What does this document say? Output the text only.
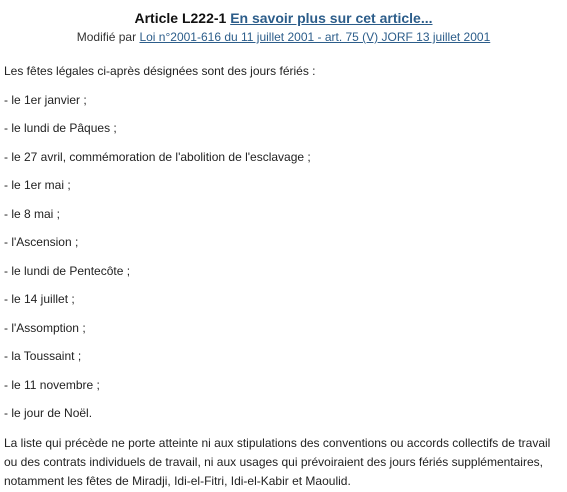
Article L222-1 En savoir plus sur cet article...
Modifié par Loi n°2001-616 du 11 juillet 2001 - art. 75 (V) JORF 13 juillet 2001

Les fêtes légales ci-après désignées sont des jours fériés :

- le 1er janvier ;

- le lundi de Pâques ;

- le 27 avril, commémoration de l'abolition de l'esclavage ;

- le 1er mai ;

- le 8 mai ;

- l'Ascension ;

- le lundi de Pentecôte ;

- le 14 juillet ;

- l'Assomption ;

- la Toussaint ;

- le 11 novembre ;

- le jour de Noël.

La liste qui précède ne porte atteinte ni aux stipulations des conventions ou accords collectifs de travail ou des contrats individuels de travail, ni aux usages qui prévoiraient des jours fériés supplémentaires, notamment les fêtes de Miradji, Idi-el-Fitri, Idi-el-Kabir et Maoulid.
